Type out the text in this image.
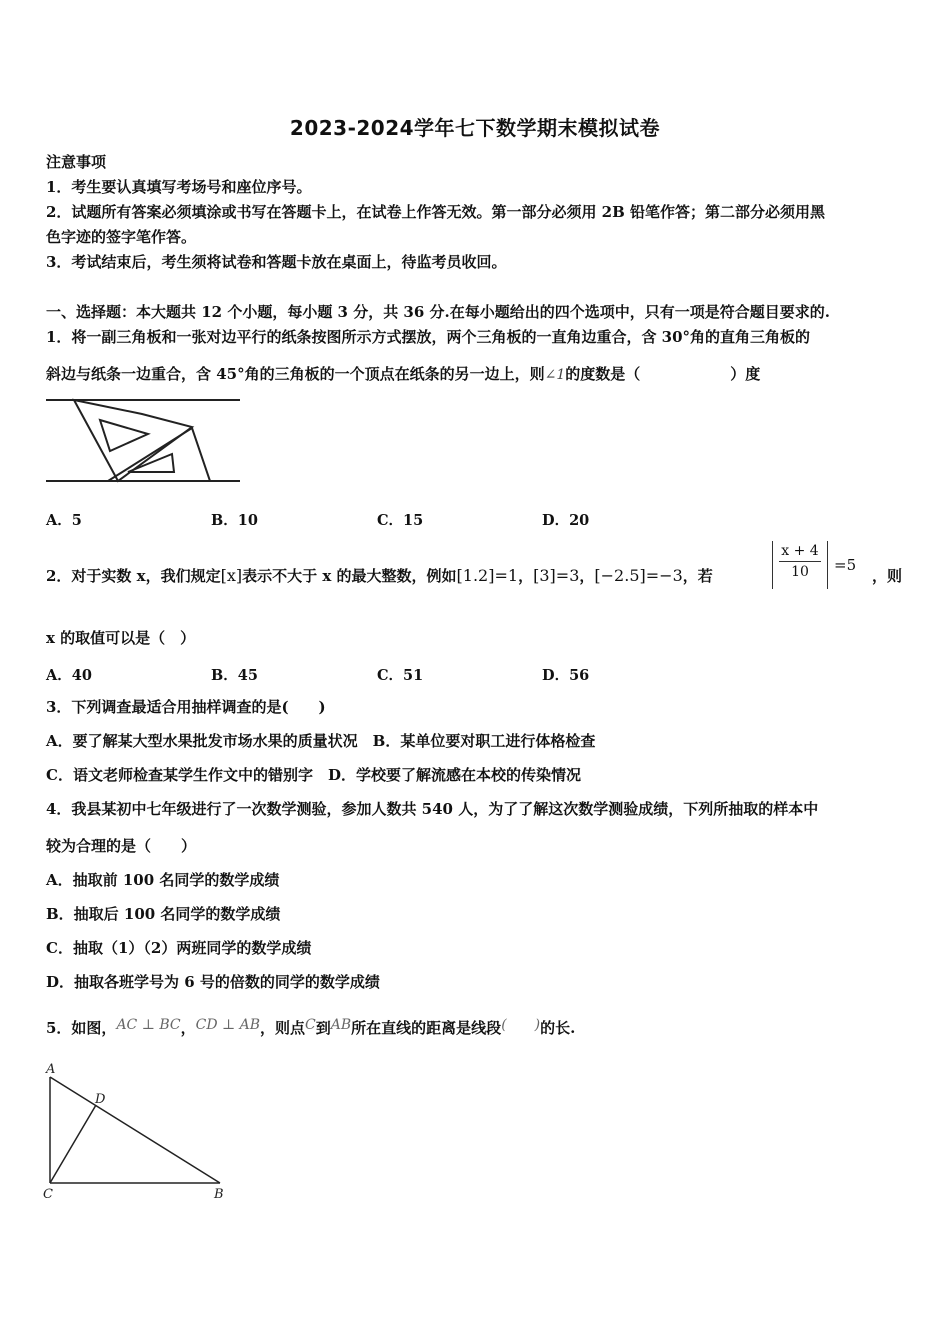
2023-2024学年七下数学期末模拟试卷
注意事项
1．考生要认真填写考场号和座位序号。
2．试题所有答案必须填涂或书写在答题卡上，在试卷上作答无效。第一部分必须用 2B 铅笔作答；第二部分必须用黑
色字迹的签字笔作答。
3．考试结束后，考生须将试卷和答题卡放在桌面上，待监考员收回。
一、选择题：本大题共 12 个小题，每小题 3 分，共 36 分.在每小题给出的四个选项中，只有一项是符合题目要求的.
1．将一副三角板和一张对边平行的纸条按图所示方式摆放，两个三角板的一直角边重合，含 30°角的直角三角板的
斜边与纸条一边重合，含 45°角的三角板的一个顶点在纸条的另一边上，则∠1的度数是（　　　　　　）度
A．5	B．10	C．15	D．20
2．对于实数 x，我们规定[x]表示不大于 x 的最大整数，例如[1.2]=1，[3]=3，[−2.5]=−3，若
x + 4
10	=5
，则
x 的取值可以是（　）
A．40	B．45	C．51	D．56
3．下列调查最适合用抽样调查的是(　　)
A．要了解某大型水果批发市场水果的质量状况　B．某单位要对职工进行体格检查
C．语文老师检查某学生作文中的错别字　D．学校要了解流感在本校的传染情况
4．我县某初中七年级进行了一次数学测验，参加人数共 540 人，为了了解这次数学测验成绩，下列所抽取的样本中
较为合理的是（　　）
A．抽取前 100 名同学的数学成绩
B．抽取后 100 名同学的数学成绩
C．抽取（1）（2）两班同学的数学成绩
D．抽取各班学号为 6 号的倍数的同学的数学成绩
5．如图，AC ⊥ BC，CD ⊥ AB，则点C到AB所在直线的距离是线段(　　)的长.
A
D
C	B
